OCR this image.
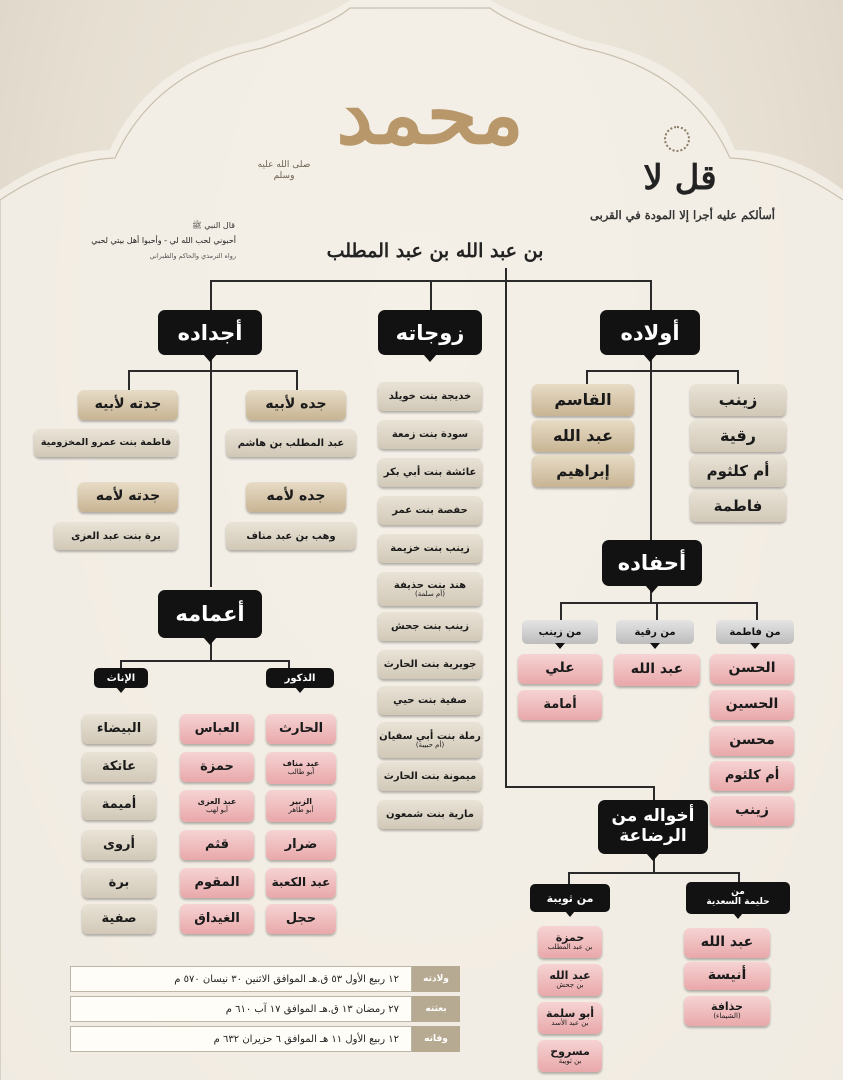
محمد
صلى الله عليه وسلم
بن عبد الله بن عبد المطلب
قل لا
أسألكم عليه أجرا إلا المودة في القربى
قال النبي ﷺ
أحبوني لحب الله لي - وأحبوا أهل بيتي لحبي
رواه الترمذي والحاكم والطبراني
أولاده
زوجاته
أجداده
أحفاده
أعمامه
أخواله من الرضاعة
زينب
رقية
أم كلثوم
فاطمة
القاسم
عبد الله
إبراهيم
خديجة بنت خويلد
سودة بنت زمعة
عائشة بنت أبي بكر
حفصة بنت عمر
زينب بنت خزيمة
هند بنت حذيفة
(أم سلمة)
زينب بنت جحش
جويرية بنت الحارث
صفية بنت حيي
رملة بنت أبي سفيان
(أم حبيبة)
ميمونة بنت الحارث
مارية بنت شمعون
جده لأبيه
عبد المطلب بن هاشم
جدته لأبيه
فاطمة بنت عمرو المخزومية
جده لأمه
وهب بن عبد مناف
جدته لأمه
برة بنت عبد العزى
من فاطمة
من رقية
من زينب
الحسن
الحسين
محسن
أم كلثوم
زينب
عبد الله
علي
أمامة
الذكور
الإناث
الحارث
عبد مناف
أبو طالب
الزبير
أبو طاهر
ضرار
عبد الكعبة
حجل
العباس
حمزة
عبد العزى
أبو لهب
قثم
المقوم
الغيداق
البيضاء
عاتكة
أميمة
أروى
برة
صفية
من
حليمة السعدية
من ثويبة
عبد الله
أنيسة
حذافة
(الشيماء)
حمزة
بن عبد المطلب
عبد الله
بن جحش
أبو سلمة
بن عبد الأسد
مسروح
بن ثويبة
ولادته
١٢ ربيع الأول ٥٣ ق.هـ الموافق الاثنين ٣٠ نيسان ٥٧٠ م
بعثته
٢٧ رمضان ١٣ ق.هـ الموافق ١٧ آب ٦١٠ م
وفاته
١٢ ربيع الأول ١١ هـ الموافق ٦ حزيران ٦٣٢ م
